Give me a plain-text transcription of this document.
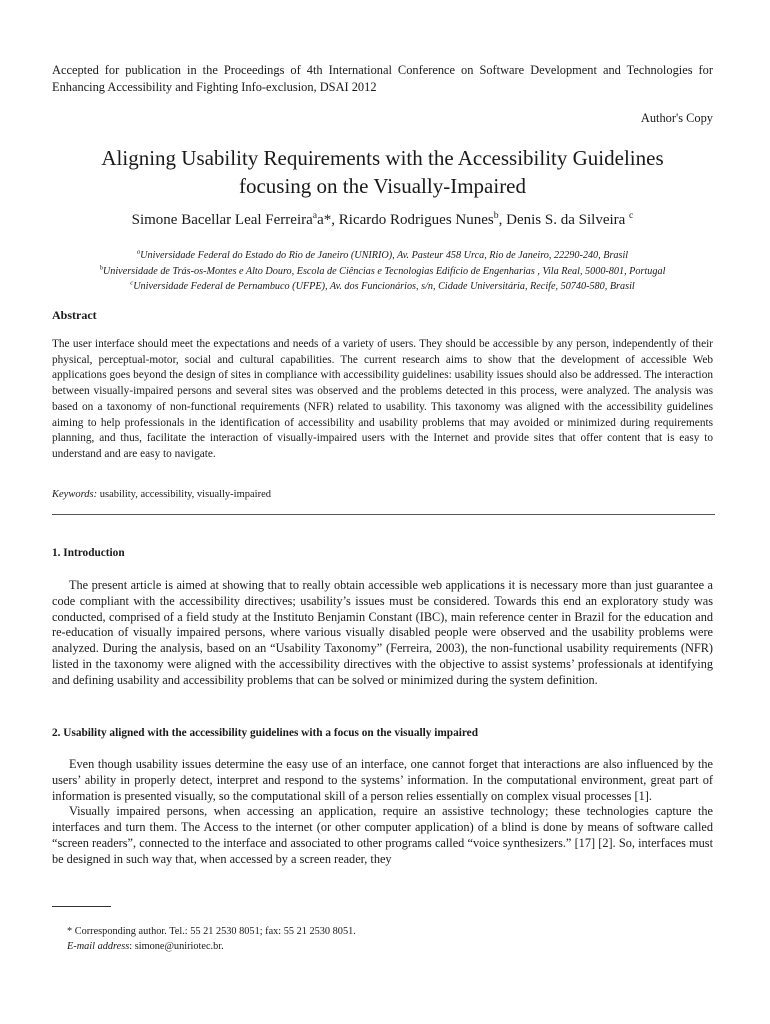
Accepted for publication in the Proceedings of 4th International Conference on Software Development and Technologies for Enhancing Accessibility and Fighting Info-exclusion, DSAI 2012
Author's Copy
Aligning Usability Requirements with the Accessibility Guidelines
focusing on the Visually-Impaired
Simone Bacellar Leal Ferreira$^a$a*, Ricardo Rodrigues Nunes$^b$, Denis S. da Silveira $^c$
$^a$Universidade Federal do Estado do Rio de Janeiro (UNIRIO), Av. Pasteur 458 Urca, Rio de Janeiro, 22290-240, Brasil
$^b$Universidade de Trás-os-Montes e Alto Douro, Escola de Ciências e Tecnologias Edifício de Engenharias , Vila Real, 5000-801, Portugal
$^c$Universidade Federal de Pernambuco (UFPE), Av. dos Funcionários, s/n, Cidade Universitária, Recife, 50740-580, Brasil
Abstract

The user interface should meet the expectations and needs of a variety of users. They should be accessible by any person, independently of their physical, perceptual-motor, social and cultural capabilities. The current research aims to show that the development of accessible Web applications goes beyond the design of sites in compliance with accessibility guidelines: usability issues should also be addressed. The interaction between visually-impaired persons and several sites was observed and the problems detected in this process, were analyzed. The analysis was based on a taxonomy of non-functional requirements (NFR) related to usability. This taxonomy was aligned with the accessibility guidelines aiming to help professionals in the identification of accessibility and usability problems that may avoided or minimized during requirements planning, and thus, facilitate the interaction of visually-impaired users with the Internet and provide sites that offer content that is easy to understand and are easy to navigate.

Keywords: usability, accessibility, visually-impaired
1. Introduction

The present article is aimed at showing that to really obtain accessible web applications it is necessary more than just guarantee a code compliant with the accessibility directives; usability’s issues must be considered. Towards this end an exploratory study was conducted, comprised of a field study at the Instituto Benjamin Constant (IBC), main reference center in Brazil for the education and re-education of visually impaired persons, where various visually disabled people were observed and the usability problems were analyzed. During the analysis, based on an “Usability Taxonomy” (Ferreira, 2003), the non-functional usability requirements (NFR) listed in the taxonomy were aligned with the accessibility directives with the objective to assist systems’ professionals at identifying and defining usability and accessibility problems that can be solved or minimized during the system definition.

2. Usability aligned with the accessibility guidelines with a focus on the visually impaired

Even though usability issues determine the easy use of an interface, one cannot forget that interactions are also influenced by the users’ ability in properly detect, interpret and respond to the systems’ information. In the computational environment, great part of information is presented visually, so the computational skill of a person relies essentially on complex visual processes [1].

Visually impaired persons, when accessing an application, require an assistive technology; these technologies capture the interfaces and turn them. The Access to the internet (or other computer application) of a blind is done by means of software called “screen readers”, connected to the interface and associated to other programs called “voice synthesizers.” [17] [2]. So, interfaces must be designed in such way that, when accessed by a screen reader, they

* Corresponding author. Tel.: 55 21 2530 8051; fax: 55 21 2530 8051.
E-mail address: simone@uniriotec.br.
